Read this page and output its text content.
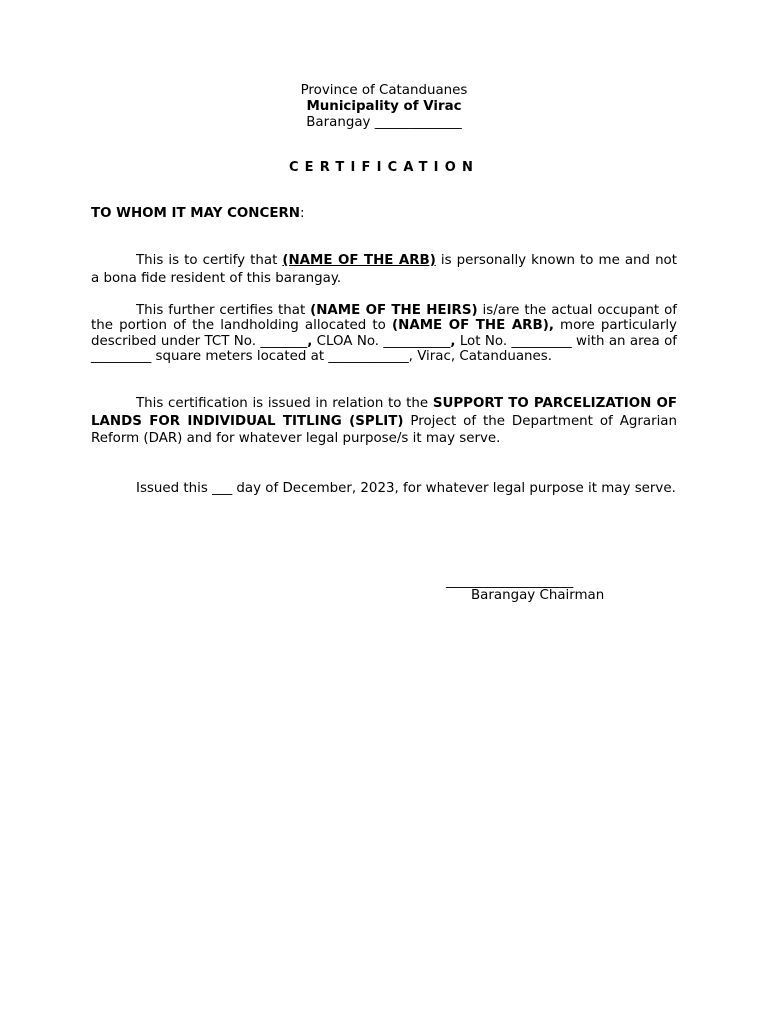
Province of Catanduanes
Municipality of Virac
Barangay _____________
CERTIFICATION
TO WHOM IT MAY CONCERN:
This is to certify that (NAME OF THE ARB) is personally known to me and not a bona fide resident of this barangay.
This further certifies that (NAME OF THE HEIRS) is/are the actual occupant of the portion of the landholding allocated to (NAME OF THE ARB), more particularly described under TCT No. _______, CLOA No. __________, Lot No. _________ with an area of _________ square meters located at ____________, Virac, Catanduanes.
This certification is issued in relation to the SUPPORT TO PARCELIZATION OF LANDS FOR INDIVIDUAL TITLING (SPLIT) Project of the Department of Agrarian Reform (DAR) and for whatever legal purpose/s it may serve.
Issued this ___ day of December, 2023, for whatever legal purpose it may serve.
___________________
Barangay Chairman
